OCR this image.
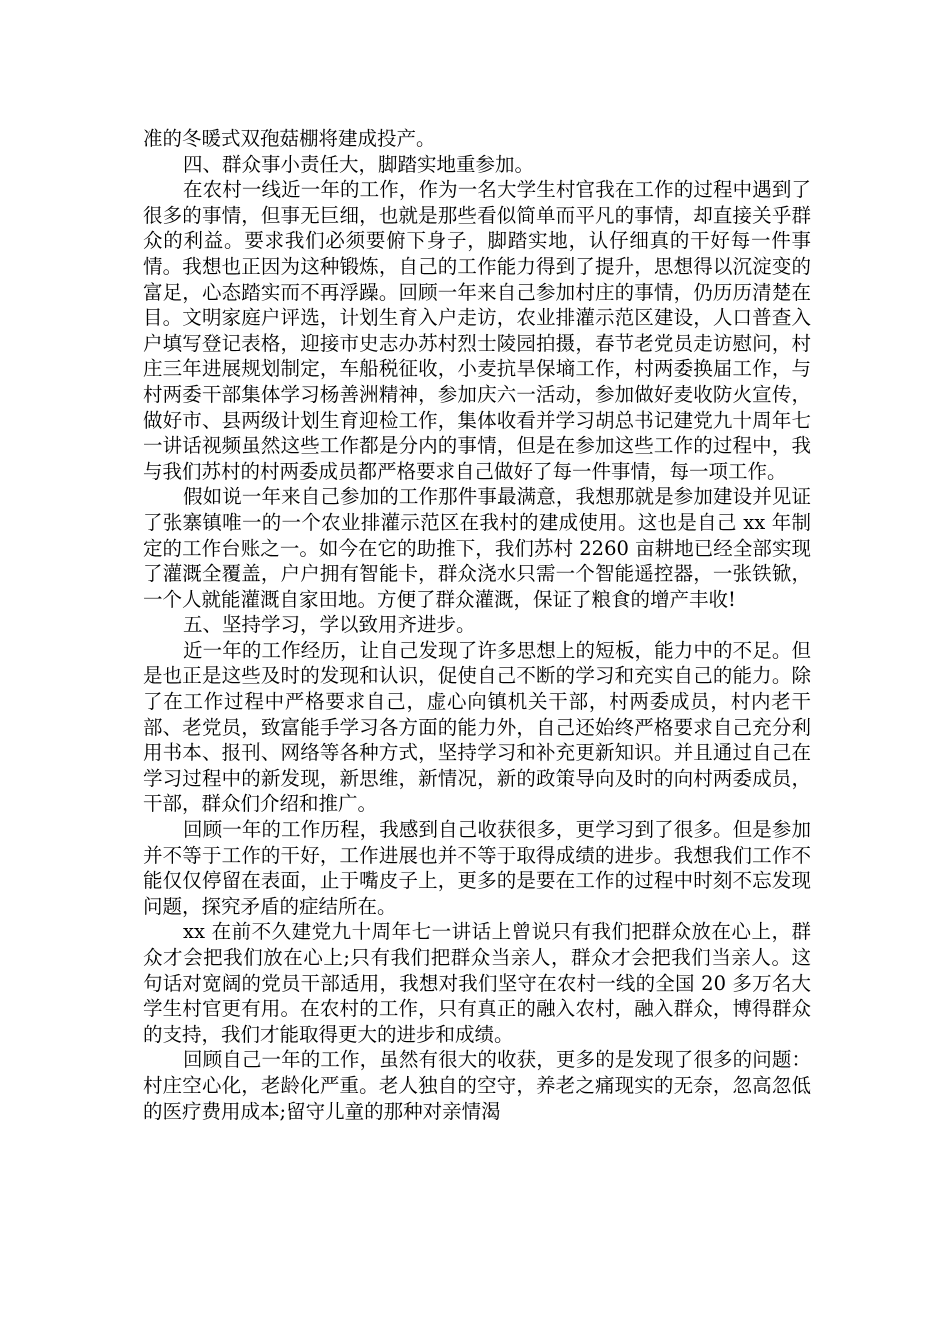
准的冬暖式双孢菇棚将建成投产。

四、群众事小责任大，脚踏实地重参加。

在农村一线近一年的工作，作为一名大学生村官我在工作的过程中遇到了很多的事情，但事无巨细，也就是那些看似简单而平凡的事情，却直接关乎群众的利益。要求我们必须要俯下身子，脚踏实地，认仔细真的干好每一件事情。我想也正因为这种锻炼，自己的工作能力得到了提升，思想得以沉淀变的富足，心态踏实而不再浮躁。回顾一年来自己参加村庄的事情，仍历历清楚在目。文明家庭户评选，计划生育入户走访，农业排灌示范区建设，人口普查入户填写登记表格，迎接市史志办苏村烈士陵园拍摄，春节老党员走访慰问，村庄三年进展规划制定，车船税征收，小麦抗旱保墒工作，村两委换届工作，与村两委干部集体学习杨善洲精神，参加庆六一活动，参加做好麦收防火宣传，做好市、县两级计划生育迎检工作，集体收看并学习胡总书记建党九十周年七一讲话视频虽然这些工作都是分内的事情，但是在参加这些工作的过程中，我与我们苏村的村两委成员都严格要求自己做好了每一件事情，每一项工作。

假如说一年来自己参加的工作那件事最满意，我想那就是参加建设并见证了张寨镇唯一的一个农业排灌示范区在我村的建成使用。这也是自己 xx 年制定的工作台账之一。如今在它的助推下，我们苏村 2260 亩耕地已经全部实现了灌溉全覆盖，户户拥有智能卡，群众浇水只需一个智能遥控器，一张铁锨，一个人就能灌溉自家田地。方便了群众灌溉，保证了粮食的增产丰收!

五、坚持学习，学以致用齐进步。

近一年的工作经历，让自己发现了许多思想上的短板，能力中的不足。但是也正是这些及时的发现和认识，促使自己不断的学习和充实自己的能力。除了在工作过程中严格要求自己，虚心向镇机关干部，村两委成员，村内老干部、老党员，致富能手学习各方面的能力外，自己还始终严格要求自己充分利用书本、报刊、网络等各种方式，坚持学习和补充更新知识。并且通过自己在学习过程中的新发现，新思维，新情况，新的政策导向及时的向村两委成员，干部，群众们介绍和推广。

回顾一年的工作历程，我感到自己收获很多，更学习到了很多。但是参加并不等于工作的干好，工作进展也并不等于取得成绩的进步。我想我们工作不能仅仅停留在表面，止于嘴皮子上，更多的是要在工作的过程中时刻不忘发现问题，探究矛盾的症结所在。

xx 在前不久建党九十周年七一讲话上曾说只有我们把群众放在心上，群众才会把我们放在心上;只有我们把群众当亲人，群众才会把我们当亲人。这句话对宽阔的党员干部适用，我想对我们坚守在农村一线的全国 20 多万名大学生村官更有用。在农村的工作，只有真正的融入农村，融入群众，博得群众的支持，我们才能取得更大的进步和成绩。

回顾自己一年的工作，虽然有很大的收获，更多的是发现了很多的问题：村庄空心化，老龄化严重。老人独自的空守，养老之痛现实的无奈，忽高忽低的医疗费用成本;留守儿童的那种对亲情渴
